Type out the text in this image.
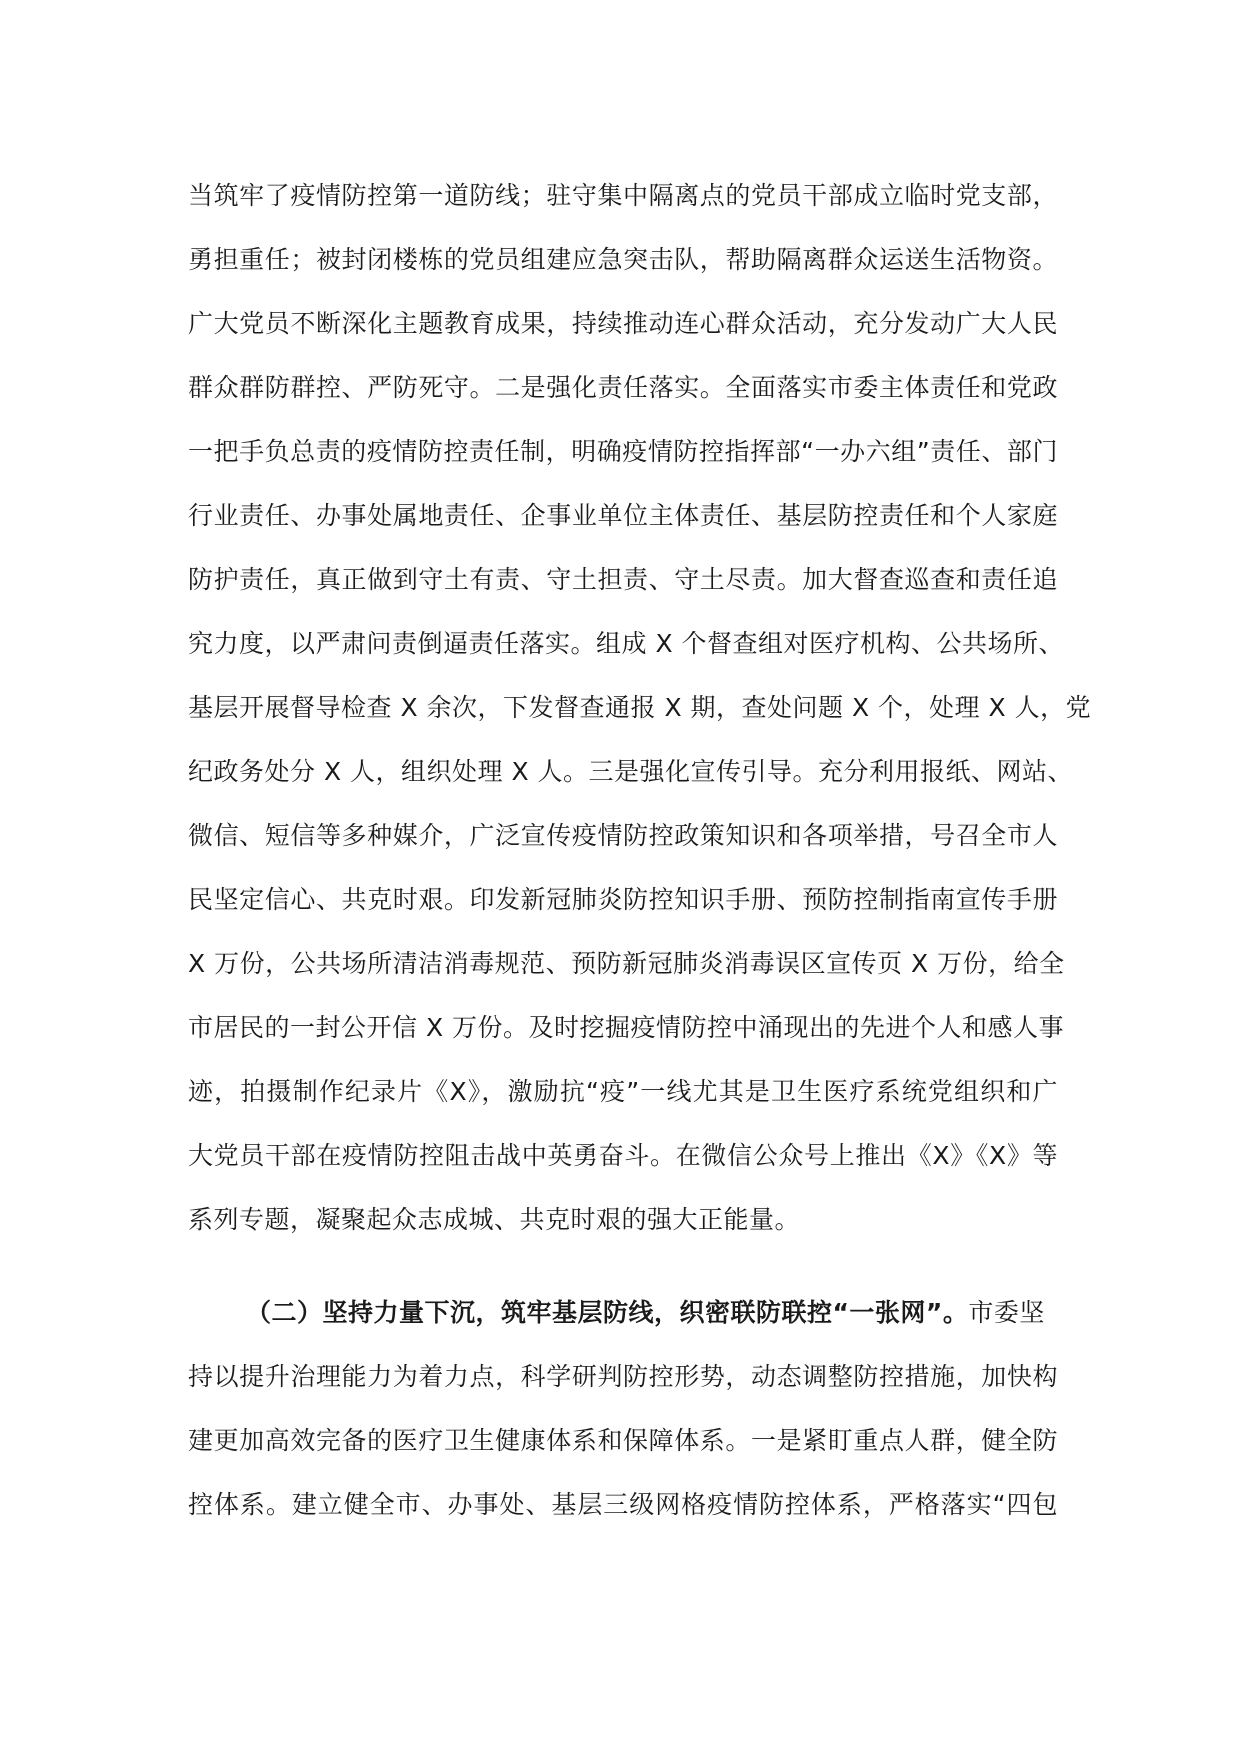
当筑牢了疫情防控第一道防线；驻守集中隔离点的党员干部成立临时党支部，
勇担重任；被封闭楼栋的党员组建应急突击队，帮助隔离群众运送生活物资。
广大党员不断深化主题教育成果，持续推动连心群众活动，充分发动广大人民
群众群防群控、严防死守。二是强化责任落实。全面落实市委主体责任和党政
一把手负总责的疫情防控责任制，明确疫情防控指挥部“一办六组”责任、部门
行业责任、办事处属地责任、企事业单位主体责任、基层防控责任和个人家庭
防护责任，真正做到守土有责、守土担责、守土尽责。加大督查巡查和责任追
究力度，以严肃问责倒逼责任落实。组成 X 个督查组对医疗机构、公共场所、
基层开展督导检查 X 余次，下发督查通报 X 期，查处问题 X 个，处理 X 人，党
纪政务处分 X 人，组织处理 X 人。三是强化宣传引导。充分利用报纸、网站、
微信、短信等多种媒介，广泛宣传疫情防控政策知识和各项举措，号召全市人
民坚定信心、共克时艰。印发新冠肺炎防控知识手册、预防控制指南宣传手册
X 万份，公共场所清洁消毒规范、预防新冠肺炎消毒误区宣传页 X 万份，给全
市居民的一封公开信 X 万份。及时挖掘疫情防控中涌现出的先进个人和感人事
迹，拍摄制作纪录片《X》，激励抗“疫”一线尤其是卫生医疗系统党组织和广
大党员干部在疫情防控阻击战中英勇奋斗。在微信公众号上推出《X》《X》等
系列专题，凝聚起众志成城、共克时艰的强大正能量。
（二）坚持力量下沉，筑牢基层防线，织密联防联控“一张网”。市委坚
持以提升治理能力为着力点，科学研判防控形势，动态调整防控措施，加快构
建更加高效完备的医疗卫生健康体系和保障体系。一是紧盯重点人群，健全防
控体系。建立健全市、办事处、基层三级网格疫情防控体系，严格落实“四包
